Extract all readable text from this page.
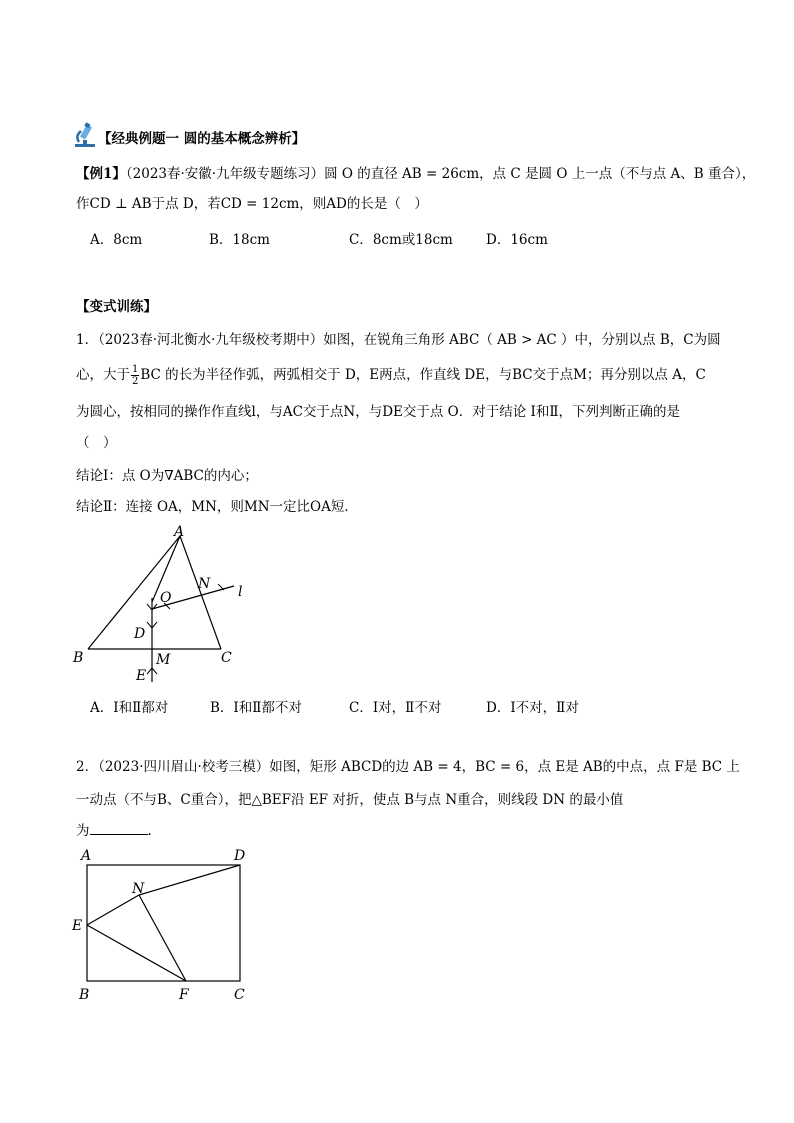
【经典例题一 圆的基本概念辨析】
【例1】（2023春·安徽·九年级专题练习）圆 O 的直径 AB = 26cm，点 C 是圆 O 上一点（不与点 A、B 重合），
作CD ⊥ AB于点 D，若CD = 12cm，则AD的长是（　）
A．8cm	B．18cm	C．8cm或18cm D．16cm
【变式训练】
1．（2023春·河北衡水·九年级校考期中）如图，在锐角三角形 ABC（ AB > AC ）中，分别以点 B，C为圆
心，大于 $\frac{1}{2}$ BC 的长为半径作弧，两弧相交于 D，E两点，作直线 DE，与BC交于点M；再分别以点 A，C
为圆心，按相同的操作作直线l，与AC交于点N，与DE交于点 O．对于结论 Ⅰ和Ⅱ，下列判断正确的是
（　）
结论Ⅰ：点 O为∇ABC的内心；
结论Ⅱ：连接 OA，MN，则MN一定比OA短．
A
B	C
D
E
M
N
O	l
A．Ⅰ和Ⅱ都对	B．Ⅰ和Ⅱ都不对	C．Ⅰ对，Ⅱ不对	D．Ⅰ不对，Ⅱ对
2．（2023·四川眉山·校考三模）如图，矩形 ABCD的边 AB = 4，BC = 6，点 E是 AB的中点，点 F是 BC 上
一动点（不与B、C重合），把△BEF沿 EF 对折，使点 B与点 N重合，则线段 DN 的最小值
为	.
A	D
N
E
B	F	C
